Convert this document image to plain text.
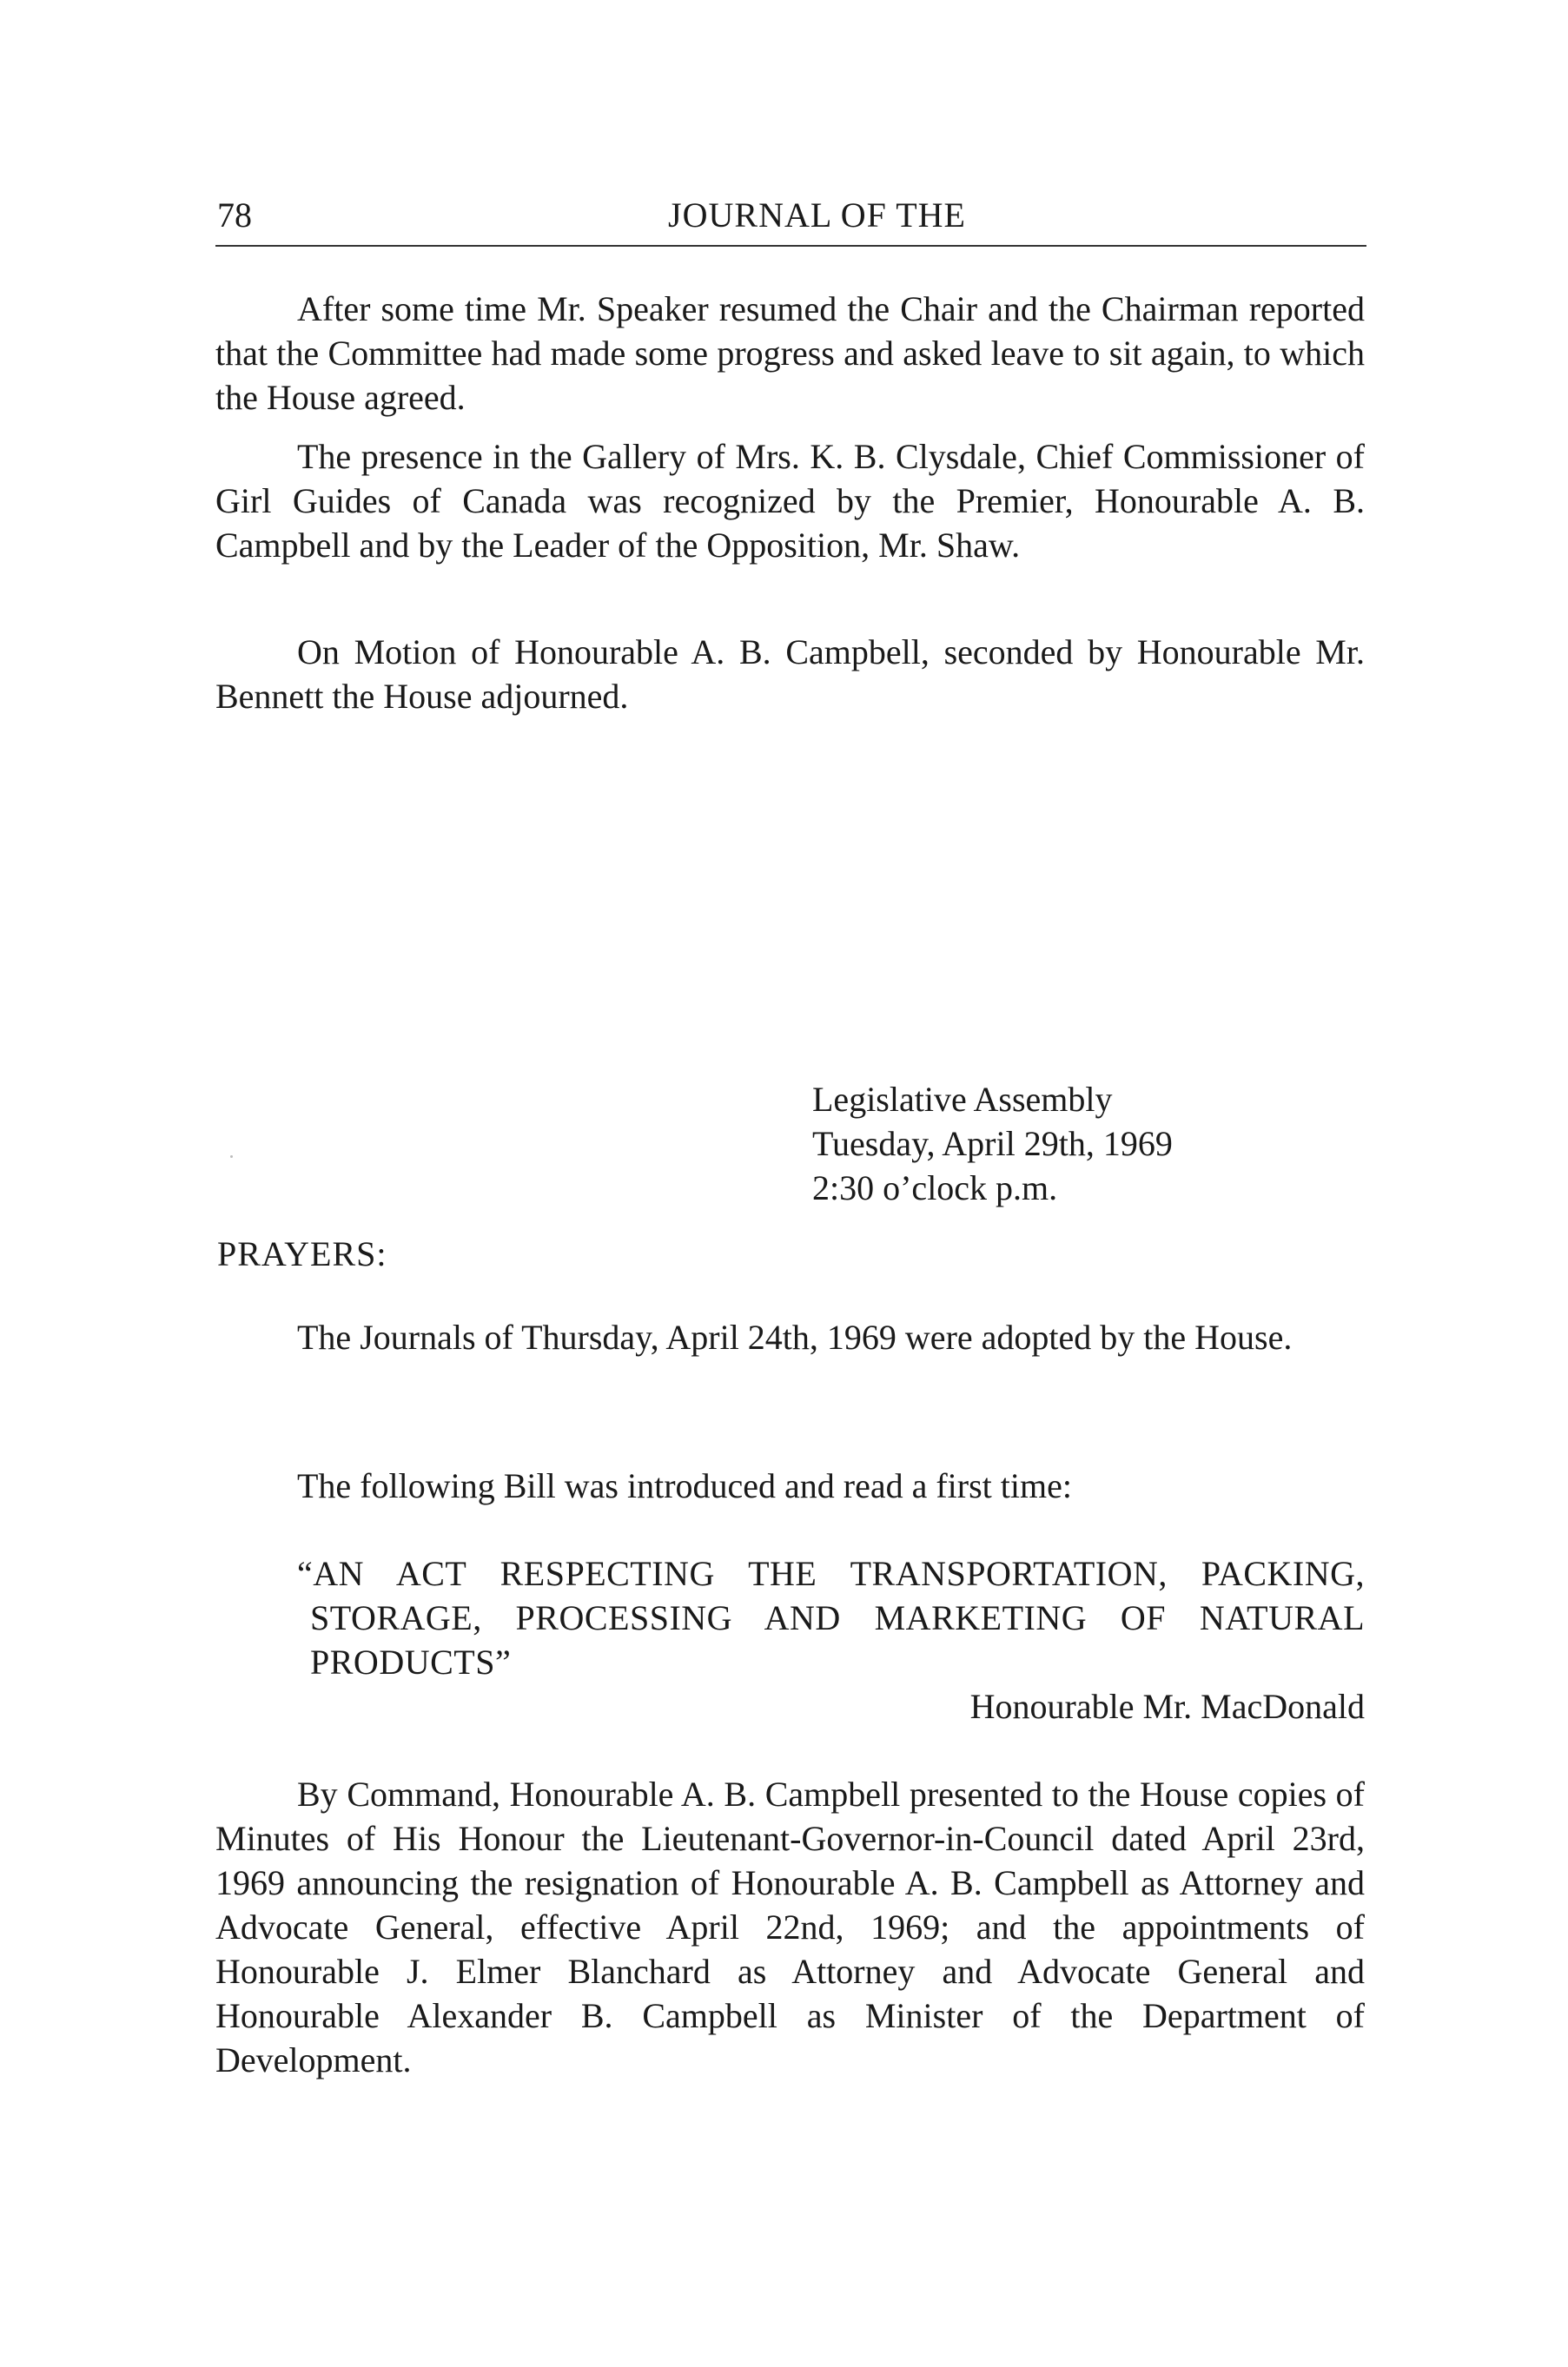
78	JOURNAL OF THE

After some time Mr. Speaker resumed the Chair and the Chairman reported that the Committee had made some progress and asked leave to sit again, to which the House agreed.

The presence in the Gallery of Mrs. K. B. Clysdale, Chief Commissioner of Girl Guides of Canada was recognized by the Premier, Honourable A. B. Campbell and by the Leader of the Opposition, Mr. Shaw.

On Motion of Honourable A. B. Campbell, seconded by Honourable Mr. Bennett the House adjourned.

Legislative Assembly
Tuesday, April 29th, 1969
2:30 o’clock p.m.
PRAYERS:

The Journals of Thursday, April 24th, 1969 were adopted by the House.

The following Bill was introduced and read a first time:

“AN ACT RESPECTING THE TRANSPORTATION, PACKING, STORAGE, PROCESSING AND MARKETING OF NATURAL PRODUCTS”

Honourable Mr. MacDonald

By Command, Honourable A. B. Campbell presented to the House copies of Minutes of His Honour the Lieutenant-Governor-in-Council dated April 23rd, 1969 announcing the resignation of Honourable A. B. Campbell as Attorney and Advocate General, effective April 22nd, 1969; and the appointments of Honourable J. Elmer Blanchard as Attorney and Advocate General and Honourable Alexander B. Campbell as Minister of the Department of Development.
